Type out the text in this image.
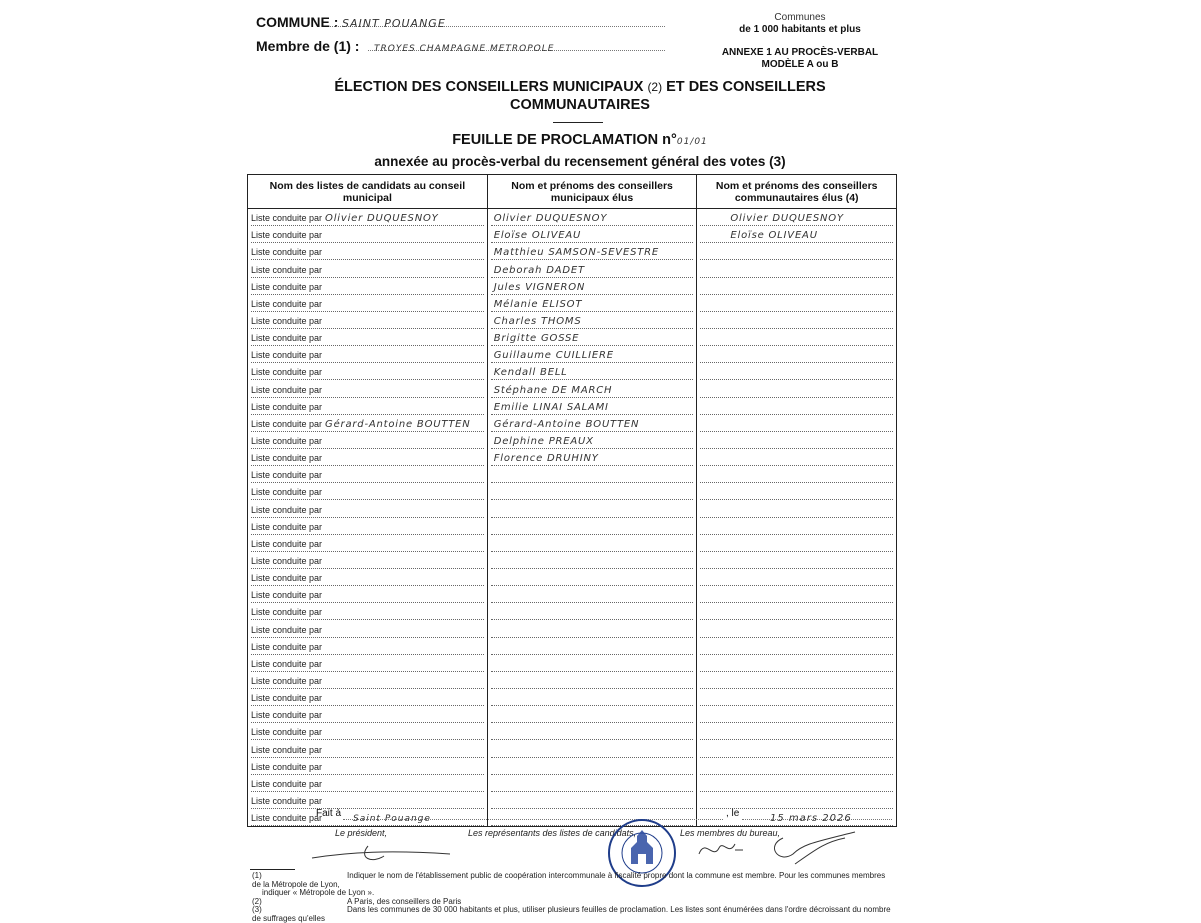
COMMUNE : SAINT POUANGE
Membre de (1) :	TROYES CHAMPAGNE METROPOLE
Communes
de 1 000 habitants et plus
ANNEXE 1 AU PROCÈS-VERBAL
MODÈLE A ou B
ÉLECTION DES CONSEILLERS MUNICIPAUX (2) ET DES CONSEILLERS
COMMUNAUTAIRES
FEUILLE DE PROCLAMATION n°01/01
annexée au procès-verbal du recensement général des votes (3)
Nom des listes de candidats au conseil municipal	Nom et prénoms des conseillers municipaux élus	Nom et prénoms des conseillers communautaires élus (4)

Liste conduite par Olivier DUQUESNOY	Olivier DUQUESNOY	Olivier DUQUESNOY

Liste conduite par	Eloïse OLIVEAU	Eloïse OLIVEAU

Liste conduite par	Matthieu SAMSON-SEVESTRE	

Liste conduite par	Deborah DADET	

Liste conduite par	Jules VIGNERON	

Liste conduite par	Mélanie ELISOT	

Liste conduite par	Charles THOMS	

Liste conduite par	Brigitte GOSSE	

Liste conduite par	Guillaume CUILLIERE	

Liste conduite par	Kendall BELL	

Liste conduite par	Stéphane DE MARCH	

Liste conduite par	Emilie LINAI SALAMI	

Liste conduite par Gérard-Antoine BOUTTEN	Gérard-Antoine BOUTTEN	

Liste conduite par	Delphine PREAUX	

Liste conduite par	Florence DRUHINY	

Liste conduite par		

Liste conduite par		

Liste conduite par		

Liste conduite par		

Liste conduite par		

Liste conduite par		

Liste conduite par		

Liste conduite par		

Liste conduite par		

Liste conduite par		

Liste conduite par		

Liste conduite par		

Liste conduite par		

Liste conduite par		

Liste conduite par		

Liste conduite par		

Liste conduite par		

Liste conduite par		

Liste conduite par		

Liste conduite par		

Liste conduite par		

Fait à	Saint Pouange	, le	15 mars 2026
Le président,	Les représentants des listes de candidats,	Les membres du bureau,
(1)	Indiquer le nom de l'établissement public de coopération intercommunale à fiscalité propre dont la commune est membre. Pour les communes membres de la Métropole de Lyon,
indiquer « Métropole de Lyon ».
(2)	A Paris, des conseillers de Paris
(3)	Dans les communes de 30 000 habitants et plus, utiliser plusieurs feuilles de proclamation. Les listes sont énumérées dans l'ordre décroissant du nombre de suffrages qu'elles
